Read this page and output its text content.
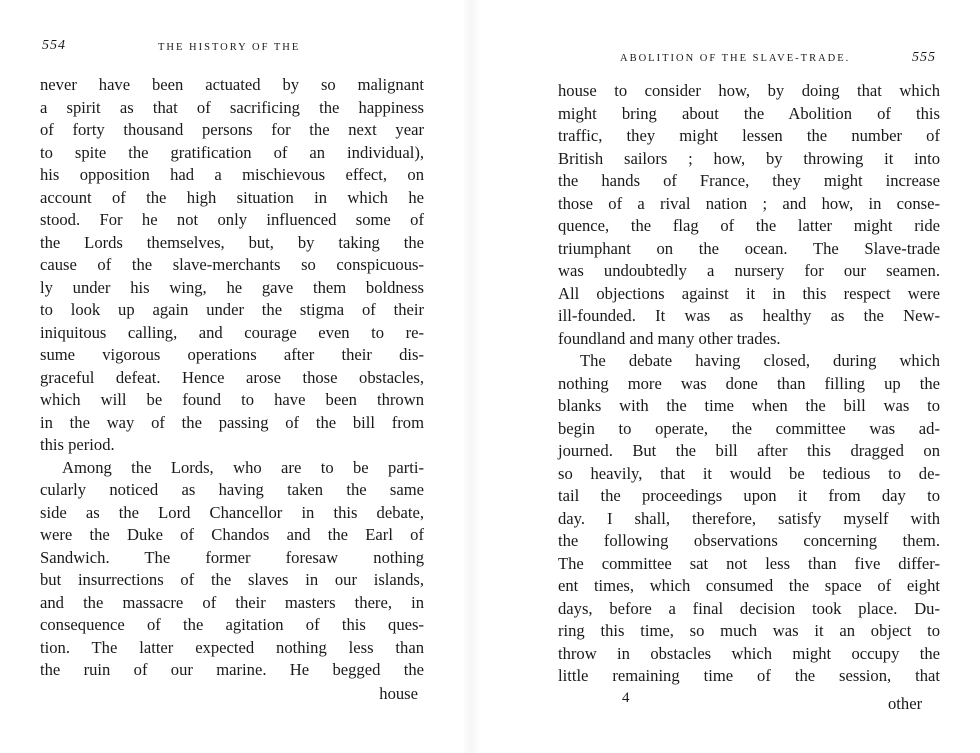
554	THE HISTORY OF THE
never have been actuated by so malignant
a spirit as that of sacrificing the happiness
of forty thousand persons for the next year
to spite the gratification of an individual),
his opposition had a mischievous effect, on
account of the high situation in which he
stood. For he not only influenced some of
the Lords themselves, but, by taking the
cause of the slave-merchants so conspicuous-
ly under his wing, he gave them boldness
to look up again under the stigma of their
iniquitous calling, and courage even to re-
sume vigorous operations after their dis-
graceful defeat. Hence arose those obstacles,
which will be found to have been thrown
in the way of the passing of the bill from
this period.
Among the Lords, who are to be parti-
cularly noticed as having taken the same
side as the Lord Chancellor in this debate,
were the Duke of Chandos and the Earl of
Sandwich. The former foresaw nothing
but insurrections of the slaves in our islands,
and the massacre of their masters there, in
consequence of the agitation of this ques-
tion. The latter expected nothing less than
the ruin of our marine. He begged the
house
ABOLITION OF THE SLAVE-TRADE.	555
house to consider how, by doing that which
might bring about the Abolition of this
traffic, they might lessen the number of
British sailors ; how, by throwing it into
the hands of France, they might increase
those of a rival nation ; and how, in conse-
quence, the flag of the latter might ride
triumphant on the ocean. The Slave-trade
was undoubtedly a nursery for our seamen.
All objections against it in this respect were
ill-founded. It was as healthy as the New-
foundland and many other trades.
The debate having closed, during which
nothing more was done than filling up the
blanks with the time when the bill was to
begin to operate, the committee was ad-
journed. But the bill after this dragged on
so heavily, that it would be tedious to de-
tail the proceedings upon it from day to
day. I shall, therefore, satisfy myself with
the following observations concerning them.
The committee sat not less than five differ-
ent times, which consumed the space of eight
days, before a final decision took place. Du-
ring this time, so much was it an object to
throw in obstacles which might occupy the
little remaining time of the session, that
4	other
